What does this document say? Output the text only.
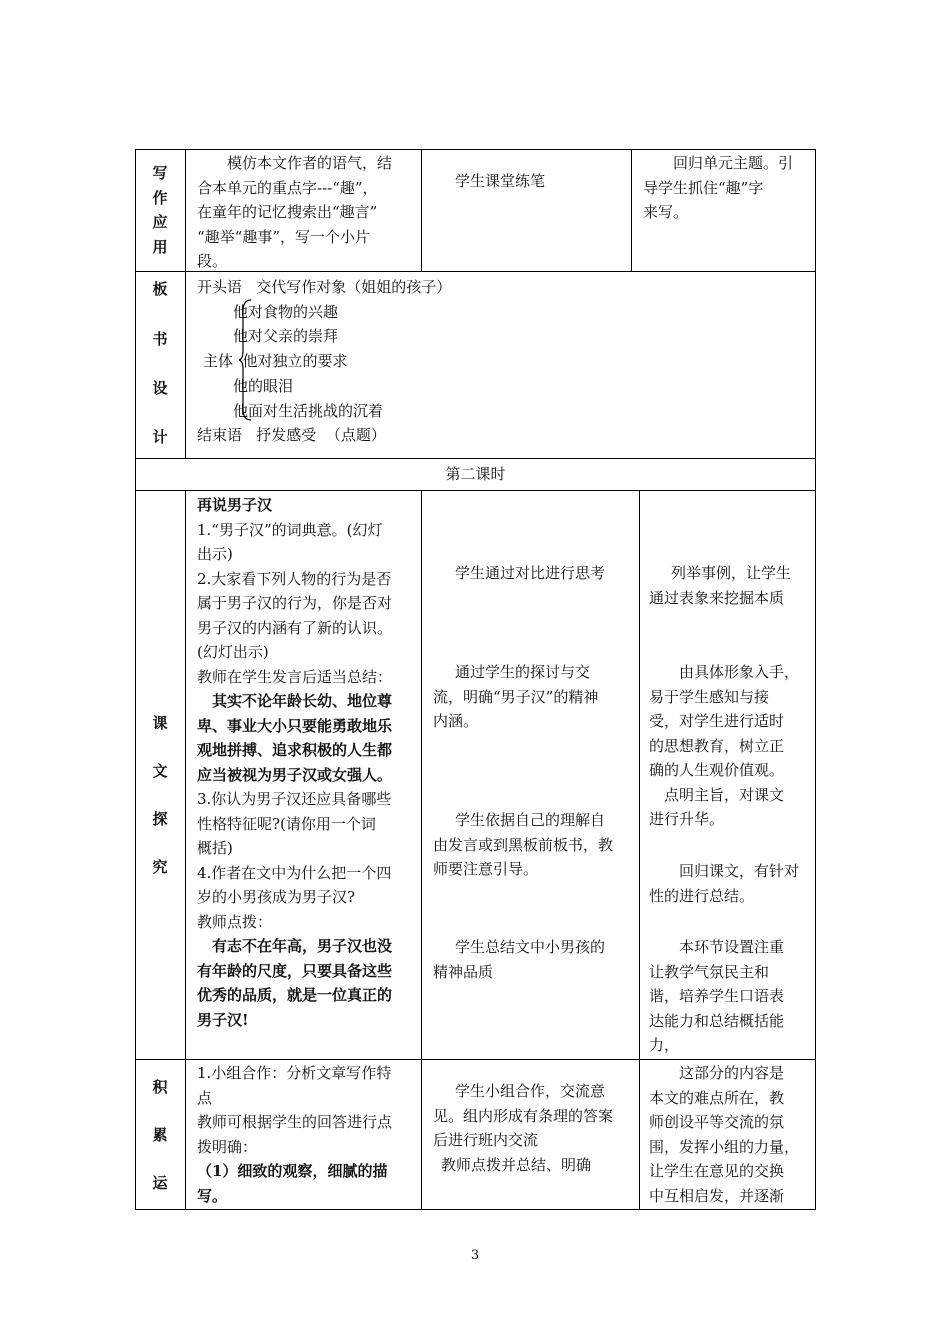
写
作
应
用

模仿本文作者的语气，结

合本单元的重点字---“趣”，

在童年的记忆搜索出“趣言”

“趣举“趣事”，写一个小片

段。

学生课堂练笔

回归单元主题。引

导学生抓住“趣”字

来写。

板
书
设
计

开头语   交代写作对象（姐姐的孩子）

他对食物的兴趣

他对父亲的崇拜

主体  他对独立的要求

他的眼泪

他面对生活挑战的沉着

结束语   抒发感受  （点题）

第二课时

课
文
探
究

再说男子汉

1.“男子汉”的词典意。(幻灯

出示)

2.大家看下列人物的行为是否

属于男子汉的行为，你是否对

男子汉的内涵有了新的认识。

(幻灯出示)

教师在学生发言后适当总结：

其实不论年龄长幼、地位尊

卑、事业大小只要能勇敢地乐

观地拼搏、追求积极的人生都

应当被视为男子汉或女强人。

3.你认为男子汉还应具备哪些

性格特征呢?(请你用一个词

概括)

4.作者在文中为什么把一个四

岁的小男孩成为男子汉?

教师点拨：

有志不在年高，男子汉也没

有年龄的尺度，只要具备这些

优秀的品质，就是一位真正的

男子汉!

学生通过对比进行思考

通过学生的探讨与交

流，明确“男子汉”的精神

内涵。

学生依据自己的理解自

由发言或到黑板前板书，教

师要注意引导。

学生总结文中小男孩的

精神品质

列举事例，让学生

通过表象来挖掘本质

由具体形象入手，

易于学生感知与接

受，对学生进行适时

的思想教育，树立正

确的人生观价值观。

点明主旨，对课文

进行升华。

回归课文，有针对

性的进行总结。

本环节设置注重

让教学气氛民主和

谐，培养学生口语表

达能力和总结概括能

力，

积
累
运

1.小组合作：分析文章写作特

点

教师可根据学生的回答进行点

拨明确：

（1）细致的观察，细腻的描

写。

学生小组合作，交流意

见。组内形成有条理的答案

后进行班内交流

教师点拨并总结、明确

这部分的内容是

本文的难点所在，教

师创设平等交流的氛

围，发挥小组的力量，

让学生在意见的交换

中互相启发，并逐渐

3
